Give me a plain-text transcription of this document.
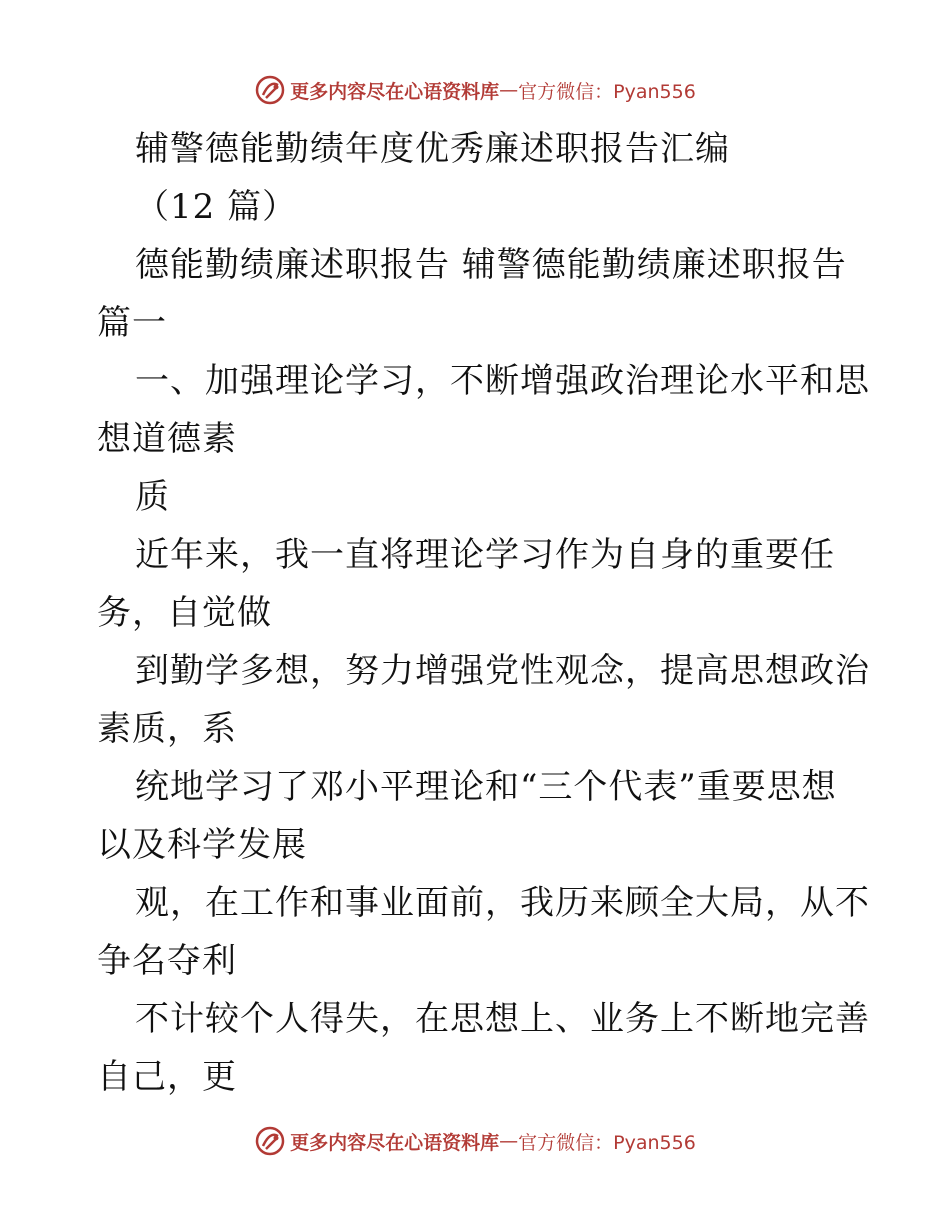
更多内容尽在心语资料库 — 官方微信：Pyan556
辅警德能勤绩年度优秀廉述职报告汇编
（12 篇）
德能勤绩廉述职报告 辅警德能勤绩廉述职报告
篇一
一、加强理论学习，不断增强政治理论水平和思
想道德素
质
近年来，我一直将理论学习作为自身的重要任
务，自觉做
到勤学多想，努力增强党性观念，提高思想政治
素质，系
统地学习了邓小平理论和“三个代表”重要思想
以及科学发展
观，在工作和事业面前，我历来顾全大局，从不
争名夺利
不计较个人得失，在思想上、业务上不断地完善
自己，更
更多内容尽在心语资料库 — 官方微信：Pyan556
